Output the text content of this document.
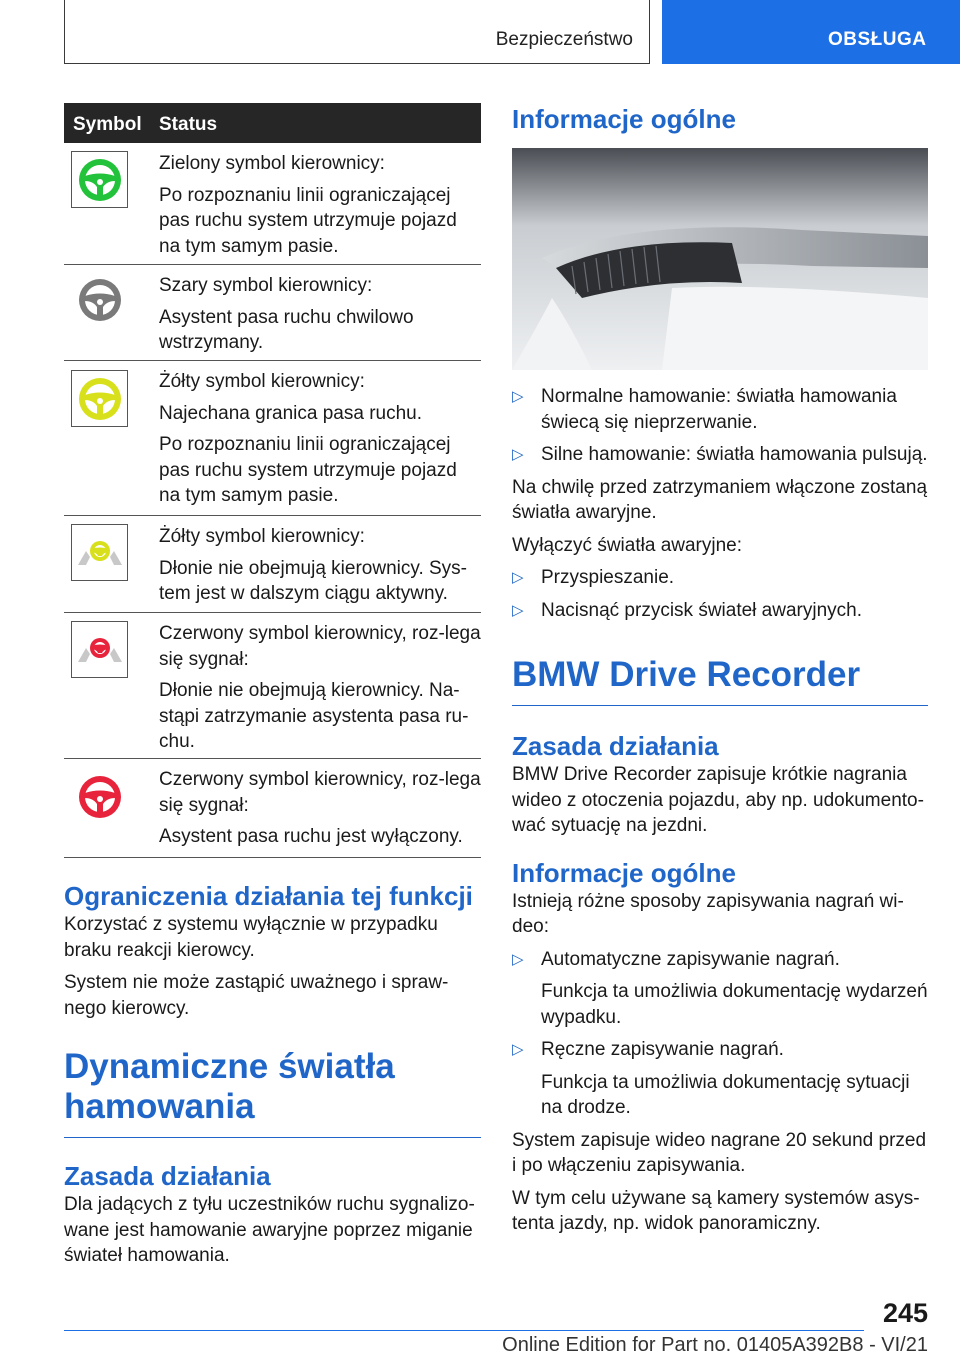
Bezpieczeństwo	OBSŁUGA
Symbol Status

Zielony symbol kierownicy:

Po rozpoznaniu linii ograniczającej pas ruchu system utrzymuje pojazd na tym samym pasie.

Szary symbol kierownicy:

Asystent pasa ruchu chwilowo wstrzymany.

Żółty symbol kierownicy:

Najechana granica pasa ruchu.

Po rozpoznaniu linii ograniczającej pas ruchu system utrzymuje pojazd na tym samym pasie.

Żółty symbol kierownicy:

Dłonie nie obejmują kierownicy. Sys-tem jest w dalszym ciągu aktywny.

Czerwony symbol kierownicy, roz-lega się sygnał:

Dłonie nie obejmują kierownicy. Na-stąpi zatrzymanie asystenta pasa ru-chu.

Czerwony symbol kierownicy, roz-lega się sygnał:

Asystent pasa ruchu jest wyłączony.

Ograniczenia działania tej funkcji

Korzystać z systemu wyłącznie w przypadku braku reakcji kierowcy.

System nie może zastąpić uważnego i spraw-nego kierowcy.

Dynamiczne światła hamowania
Zasada działania

Dla jadących z tyłu uczestników ruchu sygnalizo-wane jest hamowanie awaryjne poprzez miganie świateł hamowania.

Informacje ogólne
▷ Normalne hamowanie: światła hamowania świecą się nieprzerwanie.
▷ Silne hamowanie: światła hamowania pulsują.

Na chwilę przed zatrzymaniem włączone zostaną światła awaryjne.

Wyłączyć światła awaryjne:

▷ Przyspieszanie.
▷ Nacisnąć przycisk świateł awaryjnych.
BMW Drive Recorder
Zasada działania

BMW Drive Recorder zapisuje krótkie nagrania wideo z otoczenia pojazdu, aby np. udokumento-wać sytuację na jezdni.

Informacje ogólne

Istnieją różne sposoby zapisywania nagrań wi-deo:

▷ Automatyczne zapisywanie nagrań.
Funkcja ta umożliwia dokumentację wydarzeń wypadku.
▷ Ręczne zapisywanie nagrań.
Funkcja ta umożliwia dokumentację sytuacji na drodze.

System zapisuje wideo nagrane 20 sekund przed i po włączeniu zapisywania.

W tym celu używane są kamery systemów asys-tenta jazdy, np. widok panoramiczny.

245
Online Edition for Part no. 01405A392B8 - VI/21
